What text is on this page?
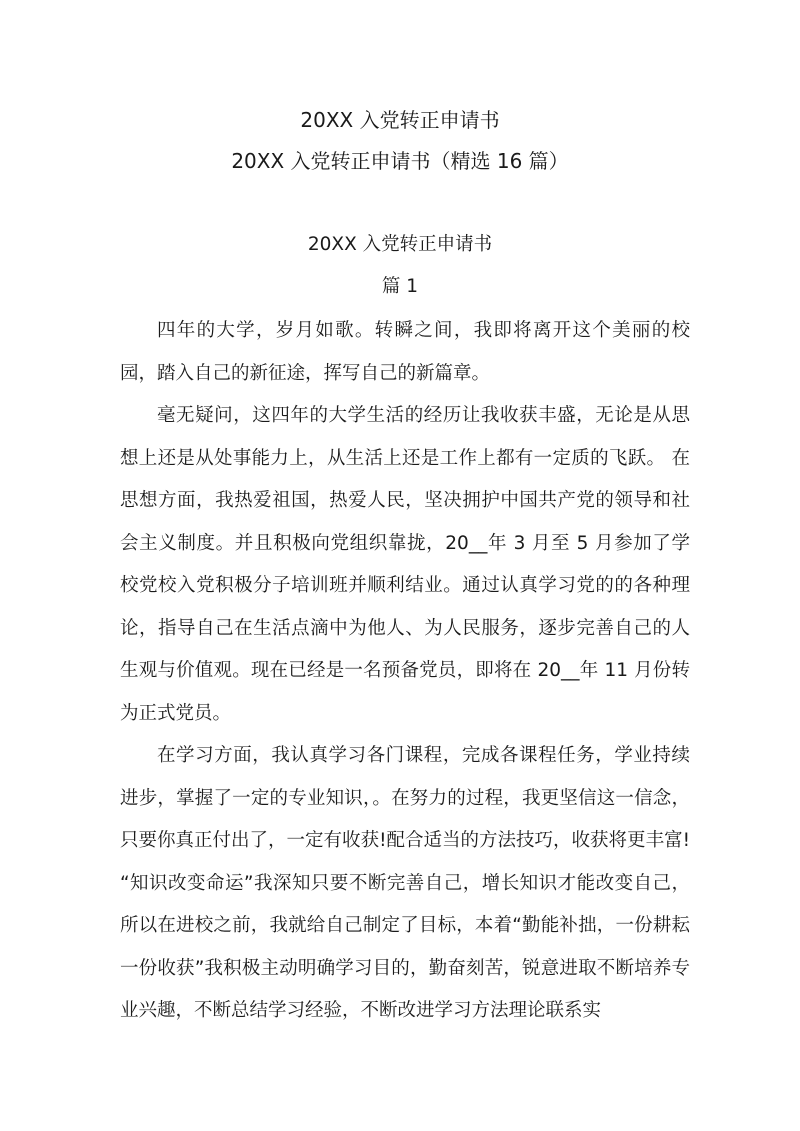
20XX 入党转正申请书
20XX 入党转正申请书（精选 16 篇）
20XX 入党转正申请书
篇 1

四年的大学，岁月如歌。转瞬之间，我即将离开这个美丽的校园，踏入自己的新征途，挥写自己的新篇章。

毫无疑问，这四年的大学生活的经历让我收获丰盛，无论是从思想上还是从处事能力上，从生活上还是工作上都有一定质的飞跃。 在思想方面，我热爱祖国，热爱人民，坚决拥护中国共产党的领导和社会主义制度。并且积极向党组织靠拢，20__年 3 月至 5 月参加了学校党校入党积极分子培训班并顺利结业。通过认真学习党的的各种理论，指导自己在生活点滴中为他人、为人民服务，逐步完善自己的人生观与价值观。现在已经是一名预备党员，即将在 20__年 11 月份转为正式党员。

在学习方面，我认真学习各门课程，完成各课程任务，学业持续进步，掌握了一定的专业知识，。在努力的过程，我更坚信这一信念，只要你真正付出了，一定有收获!配合适当的方法技巧，收获将更丰富! “知识改变命运”我深知只要不断完善自己，增长知识才能改变自己，所以在进校之前，我就给自己制定了目标，本着“勤能补拙，一份耕耘一份收获”我积极主动明确学习目的，勤奋刻苦，锐意进取不断培养专业兴趣，不断总结学习经验，不断改进学习方法理论联系实
